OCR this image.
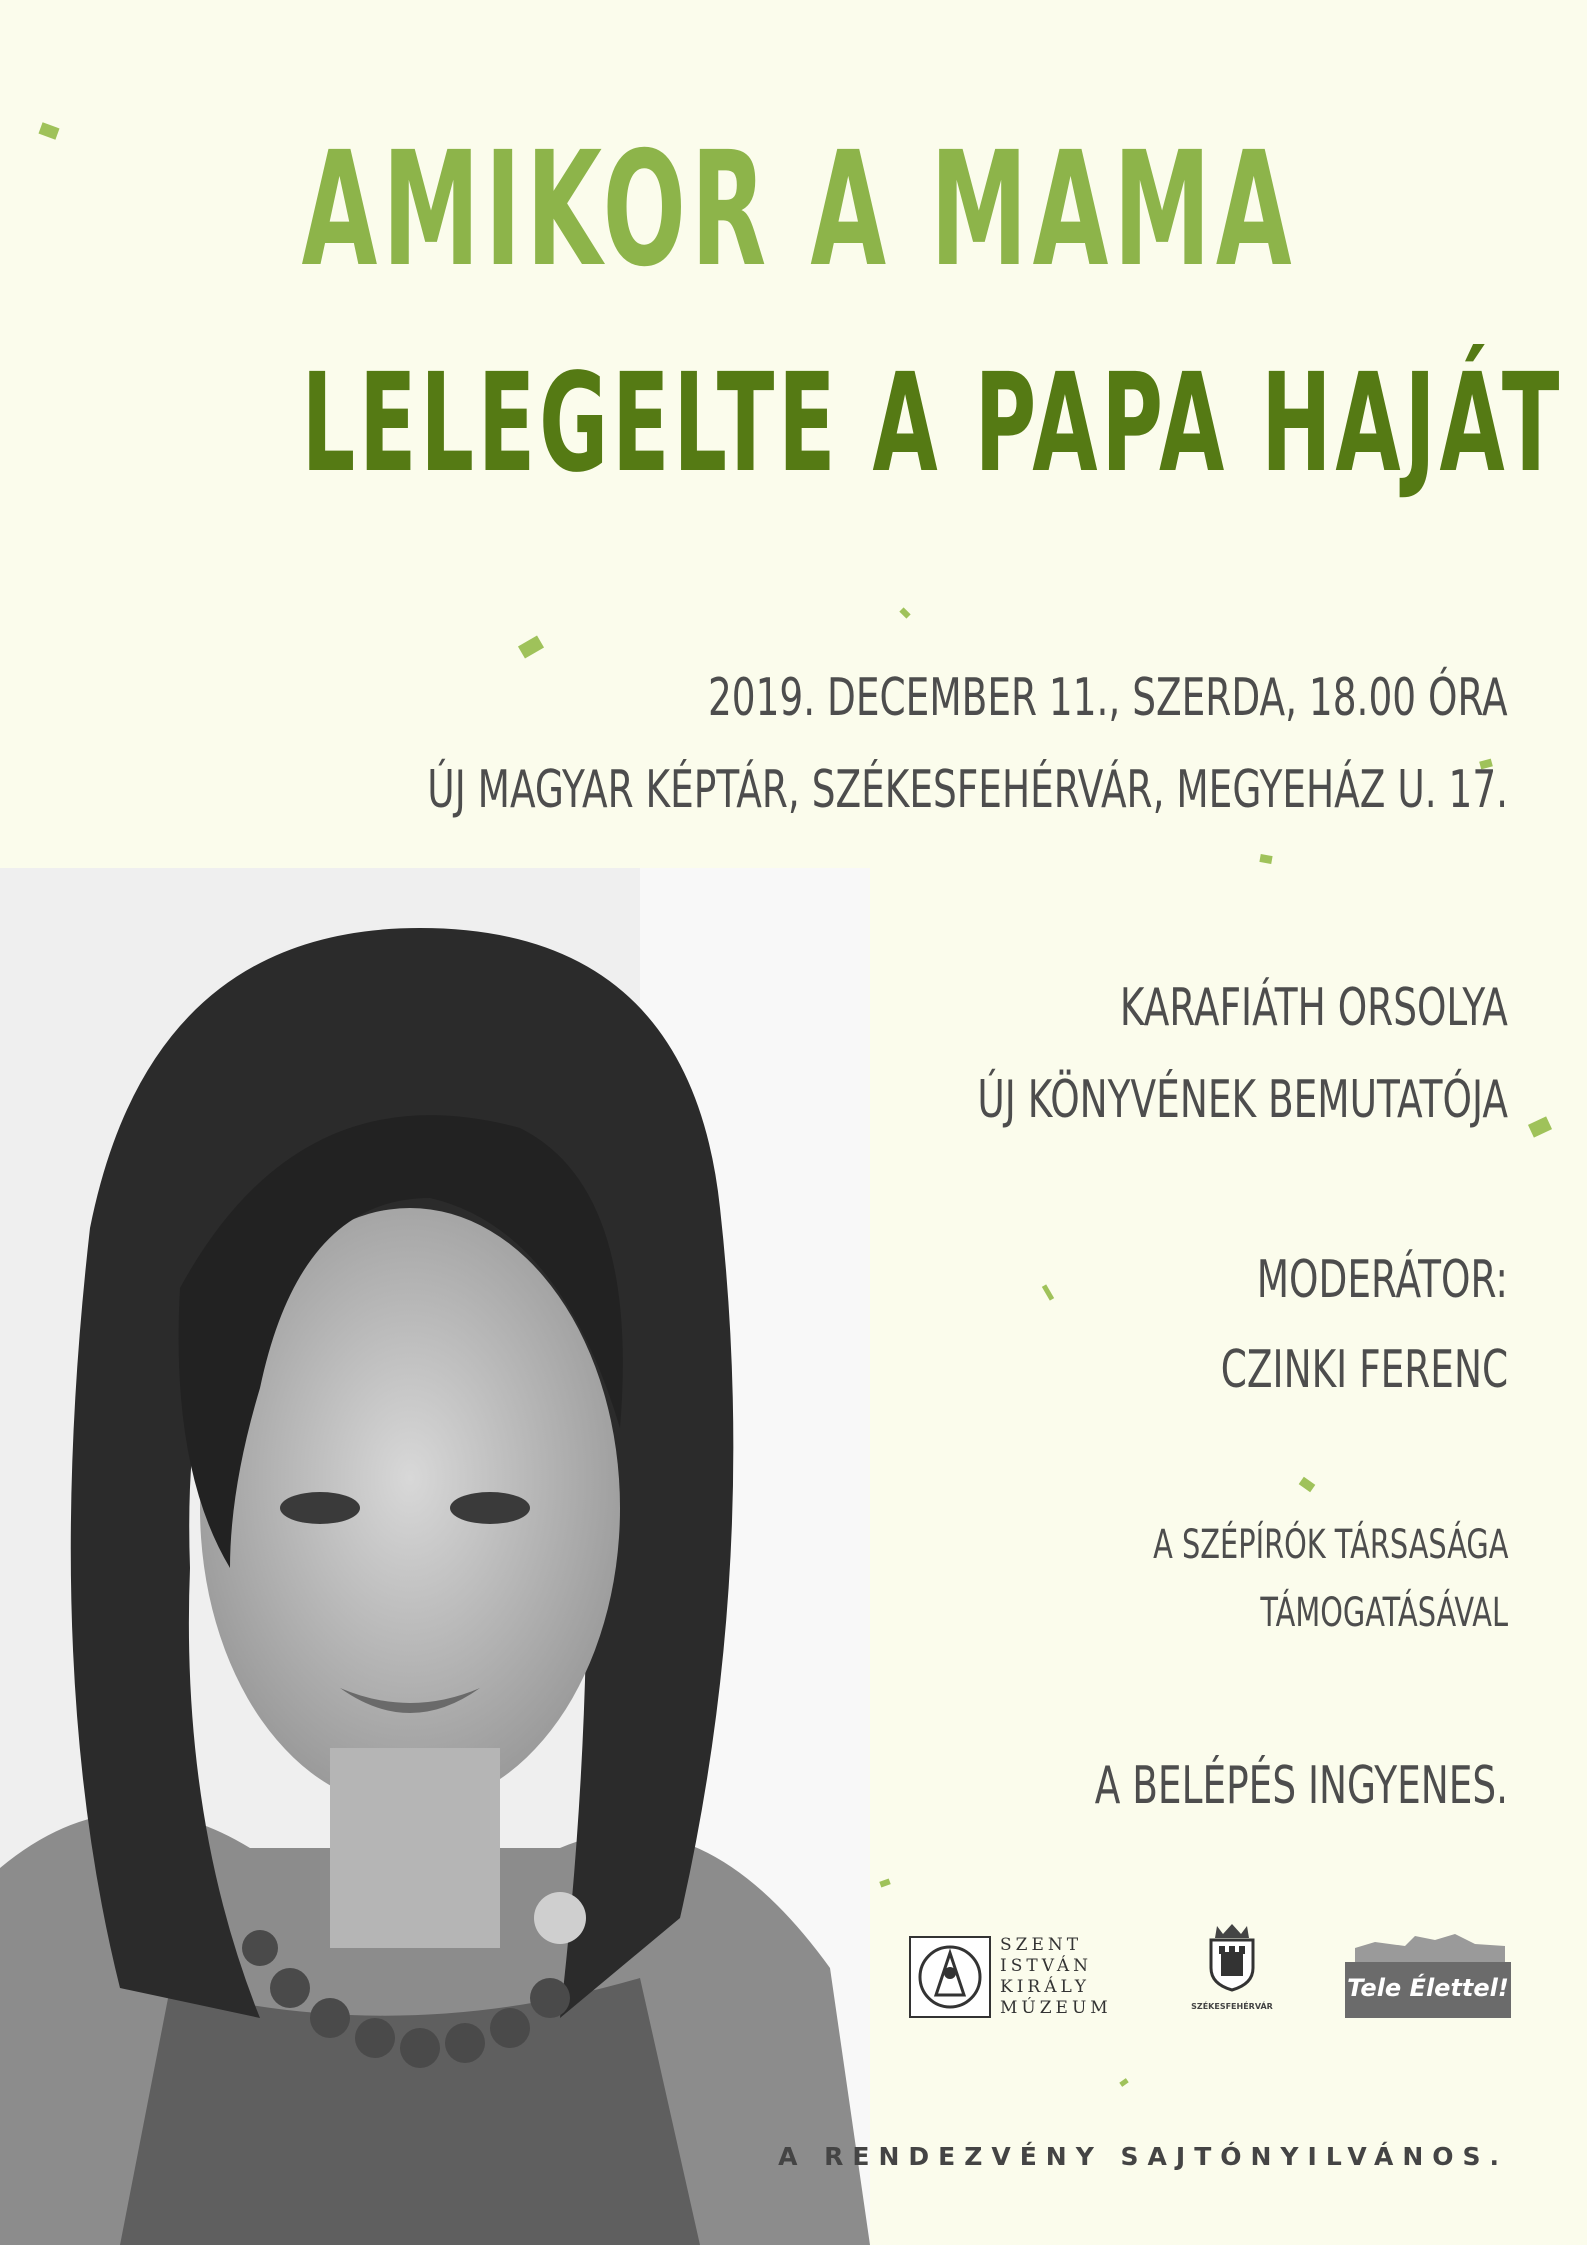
AMIKOR A MAMA
LELEGELTE A PAPA HAJÁT
2019. DECEMBER 11., SZERDA, 18.00 ÓRA
ÚJ MAGYAR KÉPTÁR, SZÉKESFEHÉRVÁR, MEGYEHÁZ U. 17.
KARAFIÁTH ORSOLYA
ÚJ KÖNYVÉNEK BEMUTATÓJA
MODERÁTOR:
CZINKI FERENC
A SZÉPÍRÓK TÁRSASÁGA
TÁMOGATÁSÁVAL
A BELÉPÉS INGYENES.
SZENT
ISTVÁN
KIRÁLY
MÚZEUM	SZÉKESFEHÉRVÁR
Tele Élettel!
A RENDEZVÉNY SAJTÓNYILVÁNOS.
